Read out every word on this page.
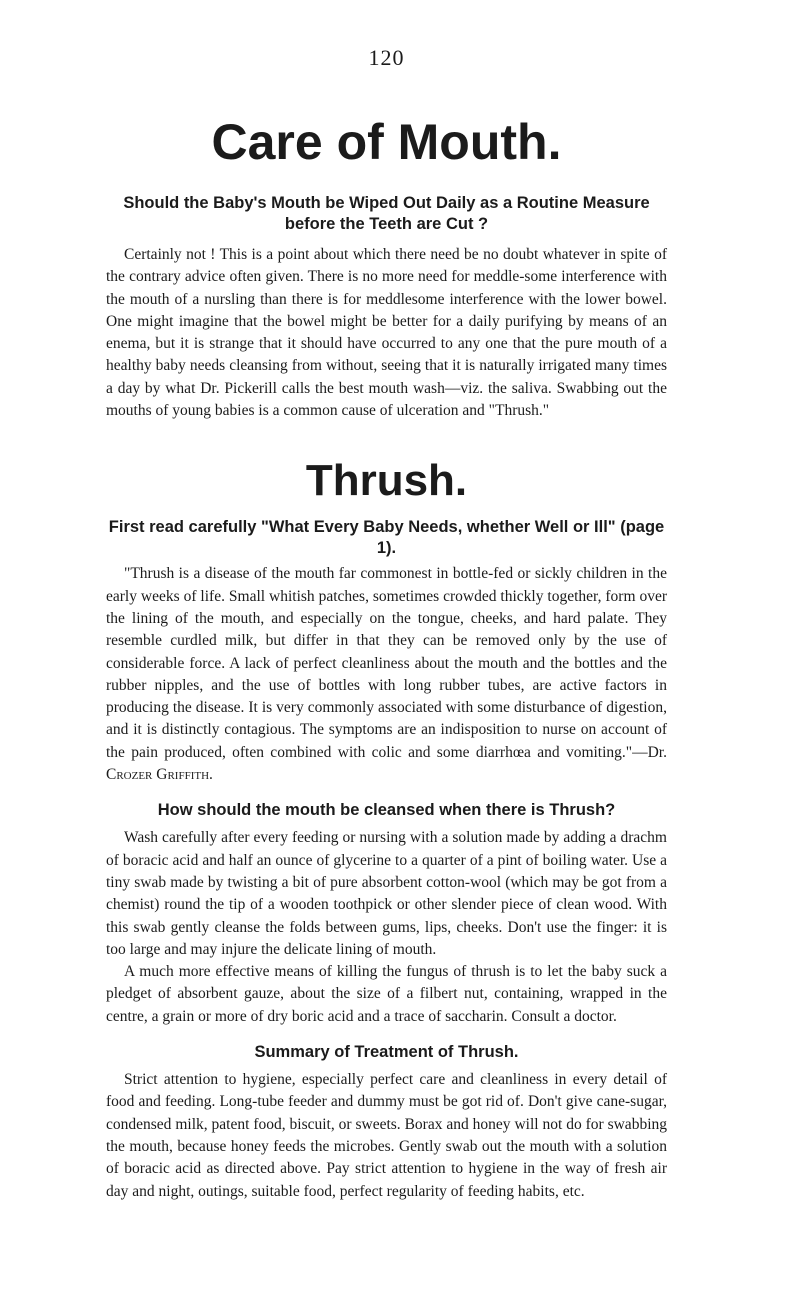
120
Care of Mouth.
Should the Baby's Mouth be Wiped Out Daily as a Routine Measure before the Teeth are Cut ?

Certainly not ! This is a point about which there need be no doubt whatever in spite of the contrary advice often given. There is no more need for meddle-some interference with the mouth of a nursling than there is for meddlesome interference with the lower bowel. One might imagine that the bowel might be better for a daily purifying by means of an enema, but it is strange that it should have occurred to any one that the pure mouth of a healthy baby needs cleansing from without, seeing that it is naturally irrigated many times a day by what Dr. Pickerill calls the best mouth wash—viz. the saliva. Swabbing out the mouths of young babies is a common cause of ulceration and "Thrush."

Thrush.
First read carefully "What Every Baby Needs, whether Well or Ill" (page 1).

"Thrush is a disease of the mouth far commonest in bottle-fed or sickly children in the early weeks of life. Small whitish patches, sometimes crowded thickly together, form over the lining of the mouth, and especially on the tongue, cheeks, and hard palate. They resemble curdled milk, but differ in that they can be removed only by the use of considerable force. A lack of perfect cleanliness about the mouth and the bottles and the rubber nipples, and the use of bottles with long rubber tubes, are active factors in producing the disease. It is very commonly associated with some disturbance of digestion, and it is distinctly contagious. The symptoms are an indisposition to nurse on account of the pain produced, often combined with colic and some diarrhœa and vomiting."—Dr. Crozer Griffith.

How should the mouth be cleansed when there is Thrush?

Wash carefully after every feeding or nursing with a solution made by adding a drachm of boracic acid and half an ounce of glycerine to a quarter of a pint of boiling water. Use a tiny swab made by twisting a bit of pure absorbent cotton-wool (which may be got from a chemist) round the tip of a wooden toothpick or other slender piece of clean wood. With this swab gently cleanse the folds between gums, lips, cheeks. Don't use the finger: it is too large and may injure the delicate lining of mouth.

A much more effective means of killing the fungus of thrush is to let the baby suck a pledget of absorbent gauze, about the size of a filbert nut, containing, wrapped in the centre, a grain or more of dry boric acid and a trace of saccharin. Consult a doctor.

Summary of Treatment of Thrush.

Strict attention to hygiene, especially perfect care and cleanliness in every detail of food and feeding. Long-tube feeder and dummy must be got rid of. Don't give cane-sugar, condensed milk, patent food, biscuit, or sweets. Borax and honey will not do for swabbing the mouth, because honey feeds the microbes. Gently swab out the mouth with a solution of boracic acid as directed above. Pay strict attention to hygiene in the way of fresh air day and night, outings, suitable food, perfect regularity of feeding habits, etc.
